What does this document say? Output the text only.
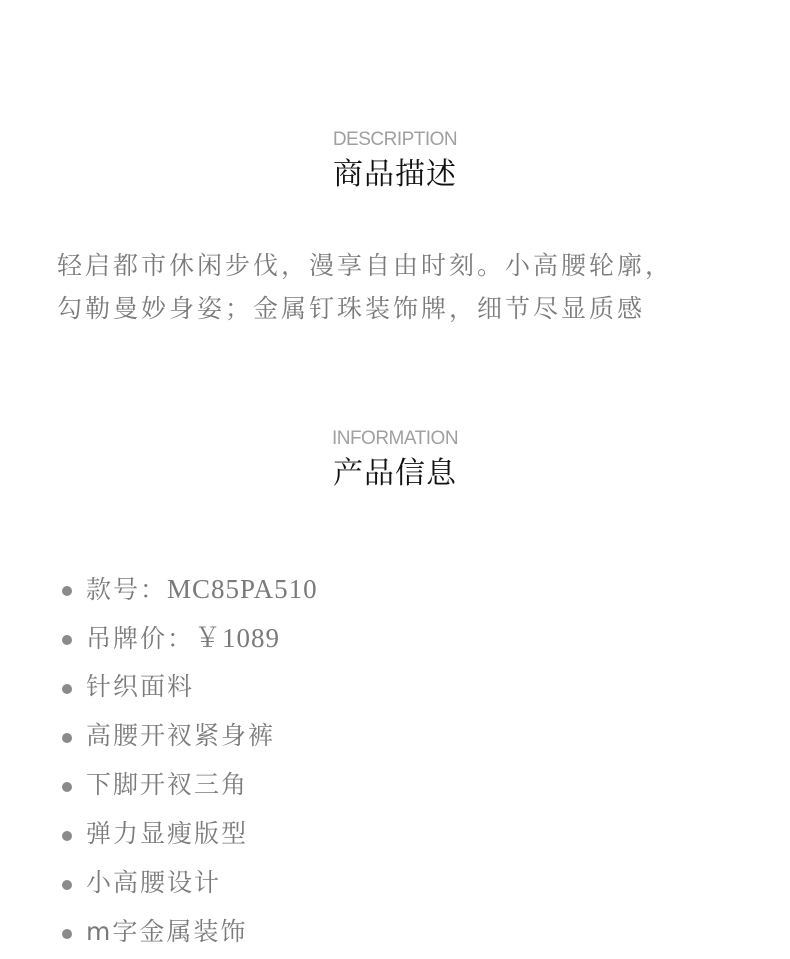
DESCRIPTION
商品描述
轻启都市休闲步伐，漫享自由时刻。小高腰轮廓，
勾勒曼妙身姿；金属钉珠装饰牌，细节尽显质感
INFORMATION
产品信息
款号：MC85PA510
吊牌价：￥1089
针织面料
高腰开衩紧身裤
下脚开衩三角
弹力显瘦版型
小高腰设计
m字金属装饰
